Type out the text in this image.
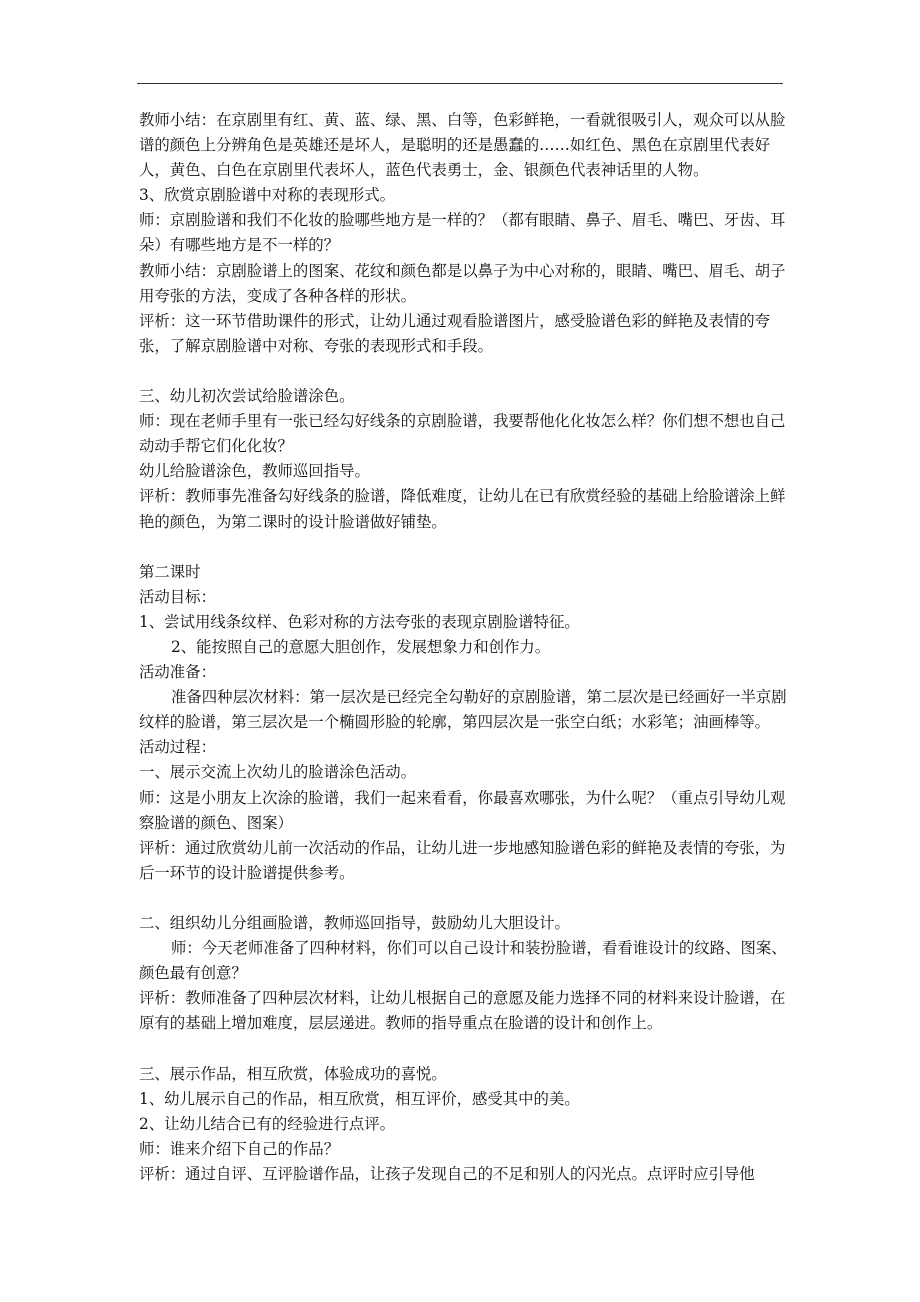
教师小结：在京剧里有红、黄、蓝、绿、黑、白等，色彩鲜艳，一看就很吸引人，观众可以从脸谱的颜色上分辨角色是英雄还是坏人，是聪明的还是愚蠢的……如红色、黑色在京剧里代表好人，黄色、白色在京剧里代表坏人，蓝色代表勇士，金、银颜色代表神话里的人物。

3、欣赏京剧脸谱中对称的表现形式。

师：京剧脸谱和我们不化妆的脸哪些地方是一样的？（都有眼睛、鼻子、眉毛、嘴巴、牙齿、耳朵）有哪些地方是不一样的？

教师小结：京剧脸谱上的图案、花纹和颜色都是以鼻子为中心对称的，眼睛、嘴巴、眉毛、胡子用夸张的方法，变成了各种各样的形状。

评析：这一环节借助课件的形式，让幼儿通过观看脸谱图片，感受脸谱色彩的鲜艳及表情的夸张，了解京剧脸谱中对称、夸张的表现形式和手段。

三、幼儿初次尝试给脸谱涂色。

师：现在老师手里有一张已经勾好线条的京剧脸谱，我要帮他化化妆怎么样？你们想不想也自己动动手帮它们化化妆？

幼儿给脸谱涂色，教师巡回指导。

评析：教师事先准备勾好线条的脸谱，降低难度，让幼儿在已有欣赏经验的基础上给脸谱涂上鲜艳的颜色，为第二课时的设计脸谱做好铺垫。

第二课时

活动目标：

1、尝试用线条纹样、色彩对称的方法夸张的表现京剧脸谱特征。

2、能按照自己的意愿大胆创作，发展想象力和创作力。

活动准备：

准备四种层次材料：第一层次是已经完全勾勒好的京剧脸谱，第二层次是已经画好一半京剧纹样的脸谱，第三层次是一个椭圆形脸的轮廓，第四层次是一张空白纸；水彩笔；油画棒等。

活动过程：

一、展示交流上次幼儿的脸谱涂色活动。

师：这是小朋友上次涂的脸谱，我们一起来看看，你最喜欢哪张，为什么呢？（重点引导幼儿观察脸谱的颜色、图案）

评析：通过欣赏幼儿前一次活动的作品，让幼儿进一步地感知脸谱色彩的鲜艳及表情的夸张，为后一环节的设计脸谱提供参考。

二、组织幼儿分组画脸谱，教师巡回指导，鼓励幼儿大胆设计。

师：今天老师准备了四种材料，你们可以自己设计和装扮脸谱，看看谁设计的纹路、图案、颜色最有创意？

评析：教师准备了四种层次材料，让幼儿根据自己的意愿及能力选择不同的材料来设计脸谱，在原有的基础上增加难度，层层递进。教师的指导重点在脸谱的设计和创作上。

三、展示作品，相互欣赏，体验成功的喜悦。

1、幼儿展示自己的作品，相互欣赏，相互评价，感受其中的美。

2、让幼儿结合已有的经验进行点评。

师：谁来介绍下自己的作品？

评析：通过自评、互评脸谱作品，让孩子发现自己的不足和别人的闪光点。点评时应引导他
